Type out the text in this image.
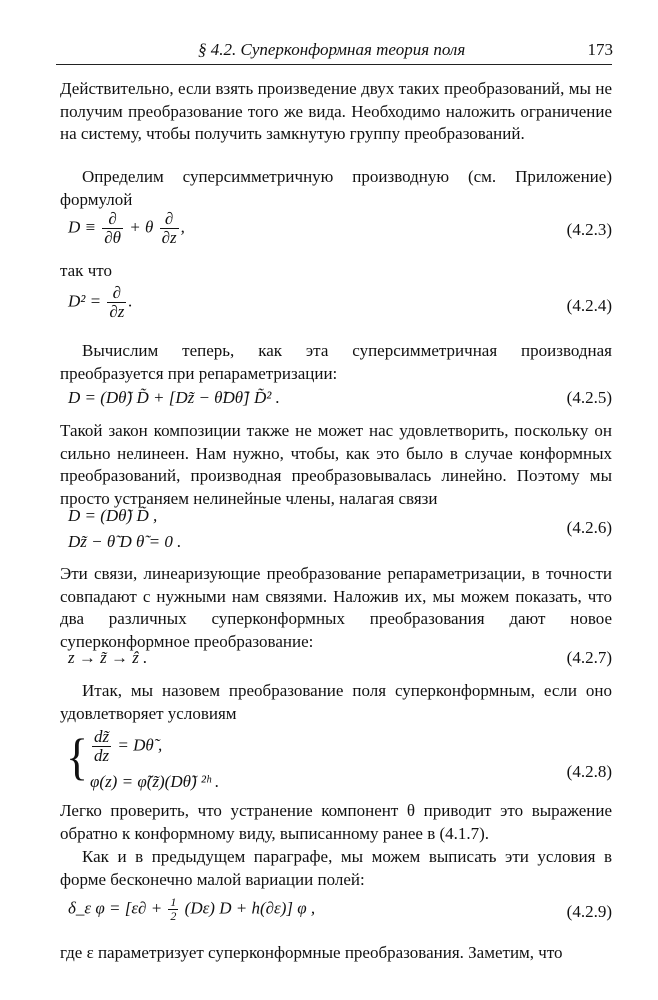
§ 4.2. Суперконформная теория поля	173

Действительно, если взять произведение двух таких преобразований, мы не получим преобразование того же вида. Необходимо наложить ограничение на систему, чтобы получить замкнутую группу преобразований.

Определим суперсимметричную производную (см. Приложение) формулой

$D \equiv \frac{\partial}{\partial\theta} + \theta \frac{\partial}{\partial z}$ ,	(4.2.3)

так что

$D^2 = \frac{\partial}{\partial z}$ .	(4.2.4)

Вычислим теперь, как эта суперсимметричная производная преобразуется при репараметризации:

D = (Dθ̃) D̃ + [Dz̃ − θ̃Dθ̃] D̃² .	(4.2.5)

Такой закон композиции также не может нас удовлетворить, поскольку он сильно нелинеен. Нам нужно, чтобы, как это было в случае конформных преобразований, производная преобразовывалась линейно. Поэтому мы просто устраняем нелинейные члены, налагая связи

D = (Dθ̃) D̃ ,
Dz̃ − θ̃ D θ̃ = 0 .
(4.2.6)

Эти связи, линеаризующие преобразование репараметризации, в точности совпадают с нужными нам связями. Наложив их, мы можем показать, что два различных суперконформных преобразования дают новое суперконформное преобразование:

z → z̃ → ẑ .	(4.2.7)

Итак, мы назовем преобразование поля суперконформным, если оно удовлетворяет условиям

{ $\frac{dz̃}{dz}$ = Dθ̃ ,
φ(z) = φ̃(z̃)(Dθ̃) ²ʰ .
(4.2.8)

Легко проверить, что устранение компонент θ приводит это выражение обратно к конформному виду, выписанному ранее в (4.1.7).

Как и в предыдущем параграфе, мы можем выписать эти условия в форме бесконечно малой вариации полей:

δ_ε $\varphi = [\varepsilon\partial + \frac{1}{2} (D\varepsilon) D + h(\partial\varepsilon)]$ φ ,	(4.2.9)

где ε параметризует суперконформные преобразования. Заметим, что
